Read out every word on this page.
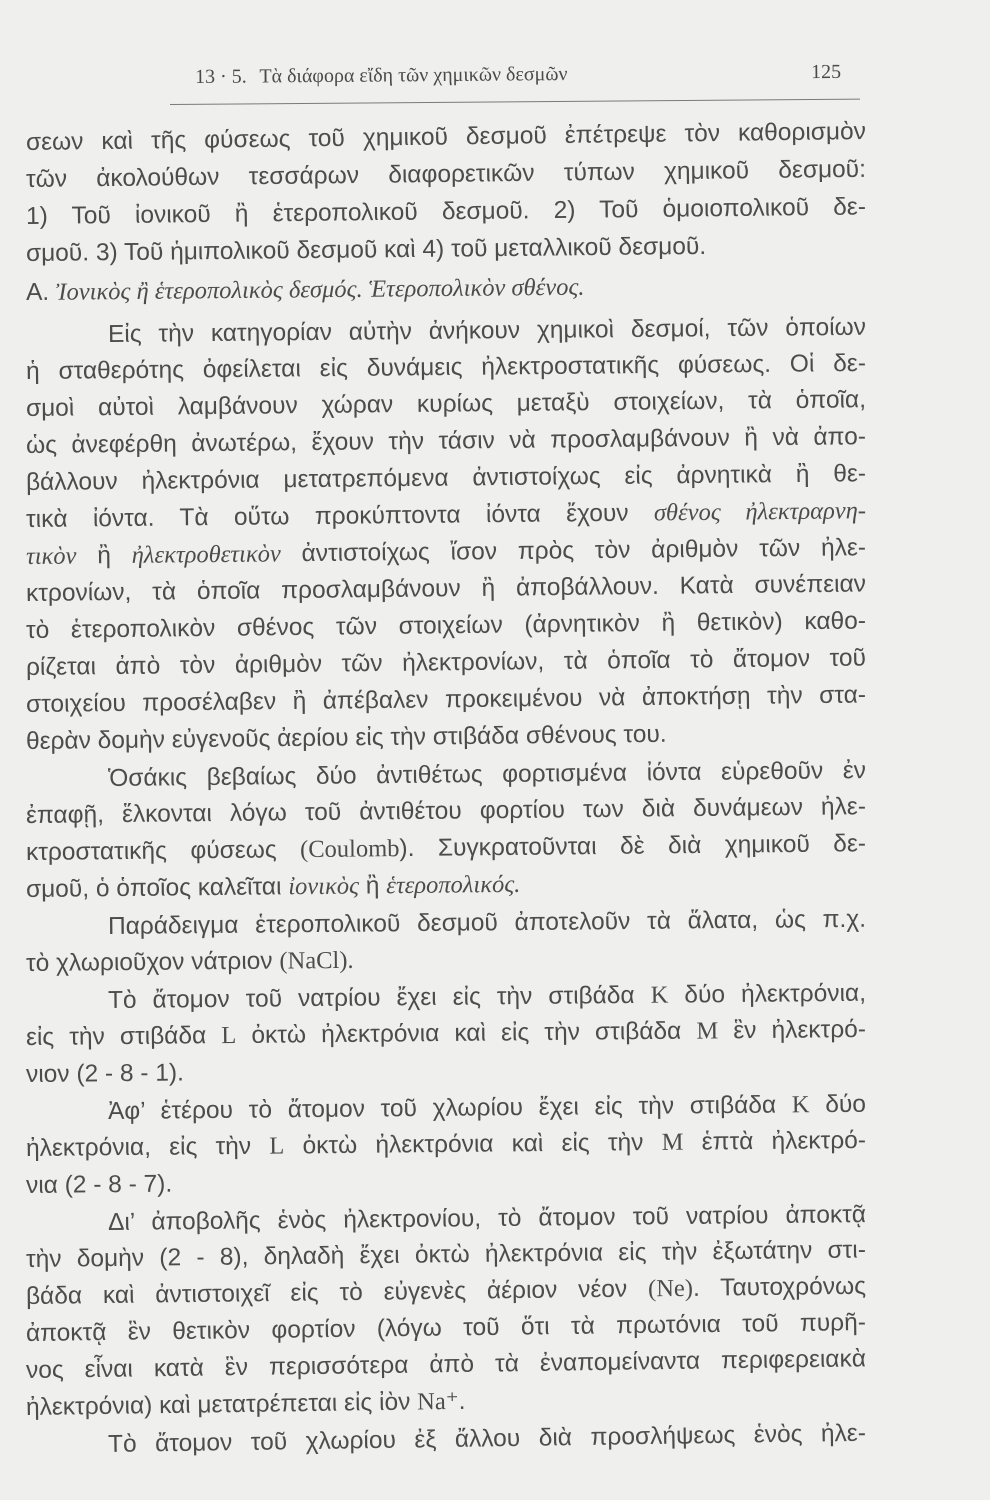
13 · 5. Τὰ διάφορα εἴδη τῶν χημικῶν δεσμῶν	125
σεων καὶ τῆς φύσεως τοῦ χημικοῦ δεσμοῦ ἐπέτρεψε τὸν καθορισμὸν
τῶν ἀκολούθων τεσσάρων διαφορετικῶν τύπων χημικοῦ δεσμοῦ:
1) Τοῦ ἰονικοῦ ἢ ἑτεροπολικοῦ δεσμοῦ. 2) Τοῦ ὁμοιοπολικοῦ δε-
σμοῦ. 3) Τοῦ ἡμιπολικοῦ δεσμοῦ καὶ 4) τοῦ μεταλλικοῦ δεσμοῦ.
Α. Ἰονικὸς ἢ ἑτεροπολικὸς δεσμός. Ἑτεροπολικὸν σθένος.
Εἰς τὴν κατηγορίαν αὐτὴν ἀνήκουν χημικοὶ δεσμοί, τῶν ὁποίων
ἡ σταθερότης ὀφείλεται εἰς δυνάμεις ἠλεκτροστατικῆς φύσεως. Οἱ δε-
σμοὶ αὐτοὶ λαμβάνουν χώραν κυρίως μεταξὺ στοιχείων, τὰ ὁποῖα,
ὡς ἀνεφέρθη ἀνωτέρω, ἔχουν τὴν τάσιν νὰ προσλαμβάνουν ἢ νὰ ἀπο-
βάλλουν ἠλεκτρόνια μετατρεπόμενα ἀντιστοίχως εἰς ἀρνητικὰ ἢ θε-
τικὰ ἰόντα. Τὰ οὕτω προκύπτοντα ἰόντα ἔχουν σθένος ἠλεκτραρνη-
τικὸν ἢ ἠλεκτροθετικὸν ἀντιστοίχως ἴσον πρὸς τὸν ἀριθμὸν τῶν ἠλε-
κτρονίων, τὰ ὁποῖα προσλαμβάνουν ἢ ἀποβάλλουν. Κατὰ συνέπειαν
τὸ ἑτεροπολικὸν σθένος τῶν στοιχείων (ἀρνητικὸν ἢ θετικὸν) καθο-
ρίζεται ἀπὸ τὸν ἀριθμὸν τῶν ἠλεκτρονίων, τὰ ὁποῖα τὸ ἄτομον τοῦ
στοιχείου προσέλαβεν ἢ ἀπέβαλεν προκειμένου νὰ ἀποκτήσῃ τὴν στα-
θερὰν δομὴν εὐγενοῦς ἀερίου εἰς τὴν στιβάδα σθένους του.
Ὁσάκις βεβαίως δύο ἀντιθέτως φορτισμένα ἰόντα εὑρεθοῦν ἐν
ἐπαφῇ, ἕλκονται λόγω τοῦ ἀντιθέτου φορτίου των διὰ δυνάμεων ἠλε-
κτροστατικῆς φύσεως (Coulomb). Συγκρατοῦνται δὲ διὰ χημικοῦ δε-
σμοῦ, ὁ ὁποῖος καλεῖται ἰονικὸς ἢ ἑτεροπολικός.
Παράδειγμα ἑτεροπολικοῦ δεσμοῦ ἀποτελοῦν τὰ ἅλατα, ὡς π.χ.
τὸ χλωριοῦχον νάτριον (NaCl).
Τὸ ἄτομον τοῦ νατρίου ἔχει εἰς τὴν στιβάδα K δύο ἠλεκτρόνια,
εἰς τὴν στιβάδα L ὀκτὼ ἠλεκτρόνια καὶ εἰς τὴν στιβάδα M ἓν ἠλεκτρό-
νιον (2 - 8 - 1).
Ἀφ’ ἑτέρου τὸ ἄτομον τοῦ χλωρίου ἔχει εἰς τὴν στιβάδα K δύο
ἠλεκτρόνια, εἰς τὴν L ὀκτὼ ἠλεκτρόνια καὶ εἰς τὴν M ἑπτὰ ἠλεκτρό-
νια (2 - 8 - 7).
Δι’ ἀποβολῆς ἑνὸς ἠλεκτρονίου, τὸ ἄτομον τοῦ νατρίου ἀποκτᾷ
τὴν δομὴν (2 - 8), δηλαδὴ ἔχει ὀκτὼ ἠλεκτρόνια εἰς τὴν ἐξωτάτην στι-
βάδα καὶ ἀντιστοιχεῖ εἰς τὸ εὐγενὲς ἀέριον νέον (Ne). Ταυτοχρόνως
ἀποκτᾷ ἓν θετικὸν φορτίον (λόγω τοῦ ὅτι τὰ πρωτόνια τοῦ πυρῆ-
νος εἶναι κατὰ ἓν περισσότερα ἀπὸ τὰ ἐναπομείναντα περιφερειακὰ
ἠλεκτρόνια) καὶ μετατρέπεται εἰς ἰὸν Na⁺.
Τὸ ἄτομον τοῦ χλωρίου ἐξ ἄλλου διὰ προσλήψεως ἑνὸς ἠλε-
